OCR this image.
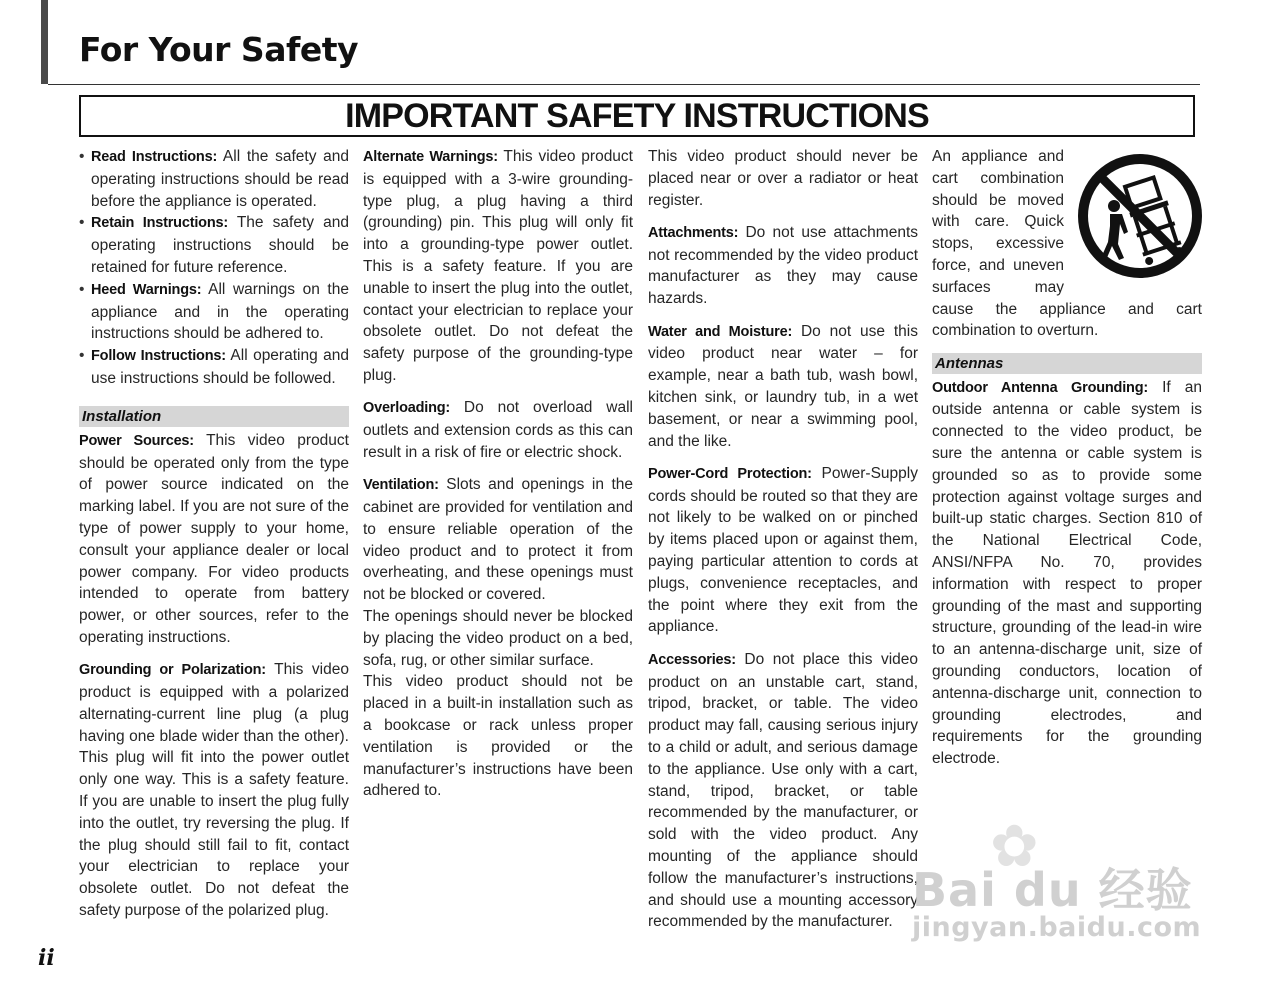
For Your Safety
IMPORTANT SAFETY INSTRUCTIONS
• Read Instructions: All the safety and operating instructions should be read before the appliance is operated.
• Retain Instructions: The safety and operating instructions should be retained for future reference.
• Heed Warnings: All warnings on the appliance and in the operating instructions should be adhered to.
• Follow Instructions: All operating and use instructions should be followed.
Installation

Power Sources: This video product should be operated only from the type of power source indicated on the marking label. If you are not sure of the type of power supply to your home, consult your appliance dealer or local power company. For video products intended to operate from battery power, or other sources, refer to the operating instructions.

Grounding or Polarization: This video product is equipped with a polarized alternating-current line plug (a plug having one blade wider than the other). This plug will fit into the power outlet only one way. This is a safety feature. If you are unable to insert the plug fully into the outlet, try reversing the plug. If the plug should still fail to fit, contact your electrician to replace your obsolete outlet. Do not defeat the safety purpose of the polarized plug.

Alternate Warnings: This video product is equipped with a 3-wire grounding-type plug, a plug having a third (grounding) pin. This plug will only fit into a grounding-type power outlet. This is a safety feature. If you are unable to insert the plug into the outlet, contact your electrician to replace your obsolete outlet. Do not defeat the safety purpose of the grounding-type plug.

Overloading: Do not overload wall outlets and extension cords as this can result in a risk of fire or electric shock.

Ventilation: Slots and openings in the cabinet are provided for ventilation and to ensure reliable operation of the video product and to protect it from overheating, and these openings must not be blocked or covered.

The openings should never be blocked by placing the video product on a bed, sofa, rug, or other similar surface.

This video product should not be placed in a built-in installation such as a bookcase or rack unless proper ventilation is provided or the manufacturer’s instructions have been adhered to.

This video product should never be placed near or over a radiator or heat register.

Attachments: Do not use attachments not recommended by the video product manufacturer as they may cause hazards.

Water and Moisture: Do not use this video product near water – for example, near a bath tub, wash bowl, kitchen sink, or laundry tub, in a wet basement, or near a swimming pool, and the like.

Power-Cord Protection: Power-Supply cords should be routed so that they are not likely to be walked on or pinched by items placed upon or against them, paying particular attention to cords at plugs, convenience receptacles, and the point where they exit from the appliance.

Accessories: Do not place this video product on an unstable cart, stand, tripod, bracket, or table. The video product may fall, causing serious injury to a child or adult, and serious damage to the appliance. Use only with a cart, stand, tripod, bracket, or table recommended by the manufacturer, or sold with the video product. Any mounting of the appliance should follow the manufacturer’s instructions, and should use a mounting accessory recommended by the manufacturer.

An appliance and cart combination should be moved with care. Quick stops, excessive force, and uneven surfaces may cause the appliance and cart combination to overturn.

Antennas

Outdoor Antenna Grounding: If an outside antenna or cable system is connected to the video product, be sure the antenna or cable system is grounded so as to provide some protection against voltage surges and built-up static charges. Section 810 of the National Electrical Code, ANSI/NFPA No. 70, provides information with respect to proper grounding of the mast and supporting structure, grounding of the lead-in wire to an antenna-discharge unit, size of grounding conductors, location of antenna-discharge unit, connection to grounding electrodes, and requirements for the grounding electrode.

ii
✿
Bai du 经验
jingyan.baidu.com
